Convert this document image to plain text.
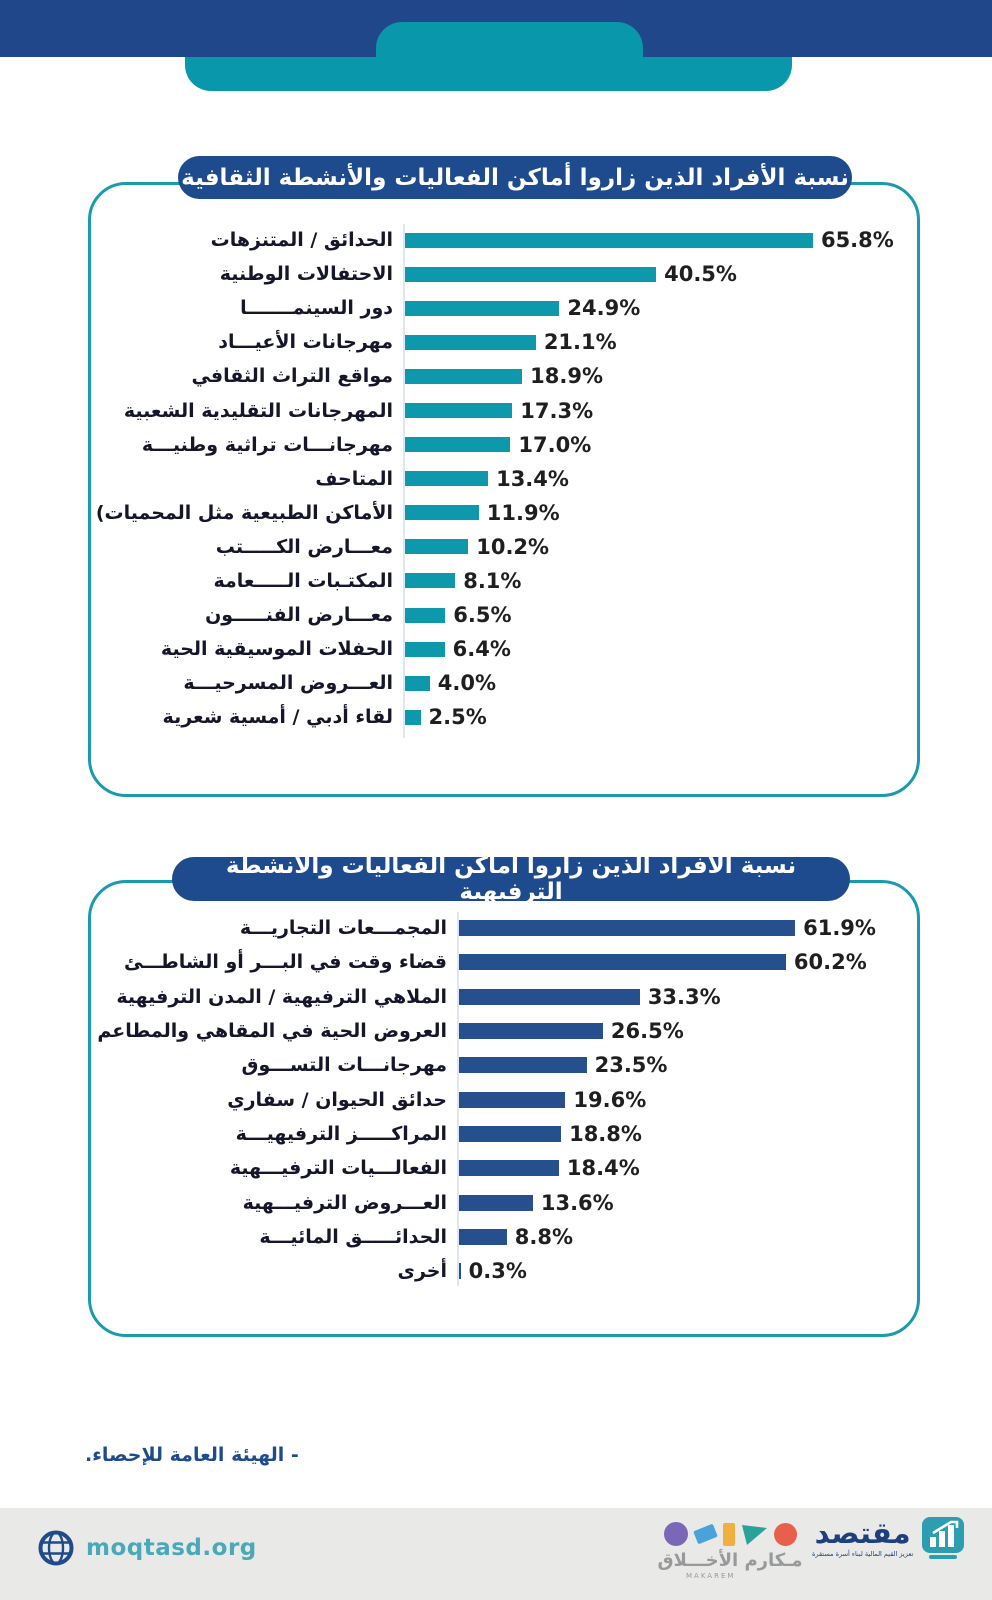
نسبة الأفراد الذين زاروا أماكن الفعاليات والأنشطة الثقافية
الحدائق / المتنزهات	65.8%
الاحتفالات الوطنية	40.5%
دور السينمـــــــا	24.9%
مهرجانات الأعيـــاد	21.1%
مواقع التراث الثقافي	18.9%
المهرجانات التقليدية الشعبية	17.3%
مهرجانـــات تراثية وطنيـــة	17.0%
المتاحف	13.4%
الأماكن الطبيعية مثل المحميات)	11.9%
معـــارض الكـــــتب	10.2%
المكتـبات الـــــعامة	8.1%
معـــارض الفنـــــون	6.5%
الحفلات الموسيقية الحية	6.4%
العـــروض المسرحيـــة 4.0%
لقاء أدبي / أمسية شعرية 2.5%
نسبة الأفراد الذين زاروا أماكن الفعاليات والأنشطة الترفيهية
المجمـــعات التجاريـــة	61.9%
قضاء وقت في البـــر أو الشاطـــئ	60.2%
الملاهي الترفيهية / المدن الترفيهية	33.3%
العروض الحية في المقاهي والمطاعم	26.5%
مهرجانـــات التســـوق	23.5%
حدائق الحيوان / سفاري	19.6%
المراكـــــز الترفيهيـــة	18.8%
الفعالـــيات الترفيـــهية	18.4%
العـــروض الترفيـــهية	13.6%
الحدائـــــق المائيـــة	8.8%
أخرى 0.3%
- الهيئة العامة للإحصاء.
moqtasd.org	مـكارم الأخـــلاق
MAKAREM
مقتصد
تعزيز القيم المالية لبناء أسرة مستقرة
